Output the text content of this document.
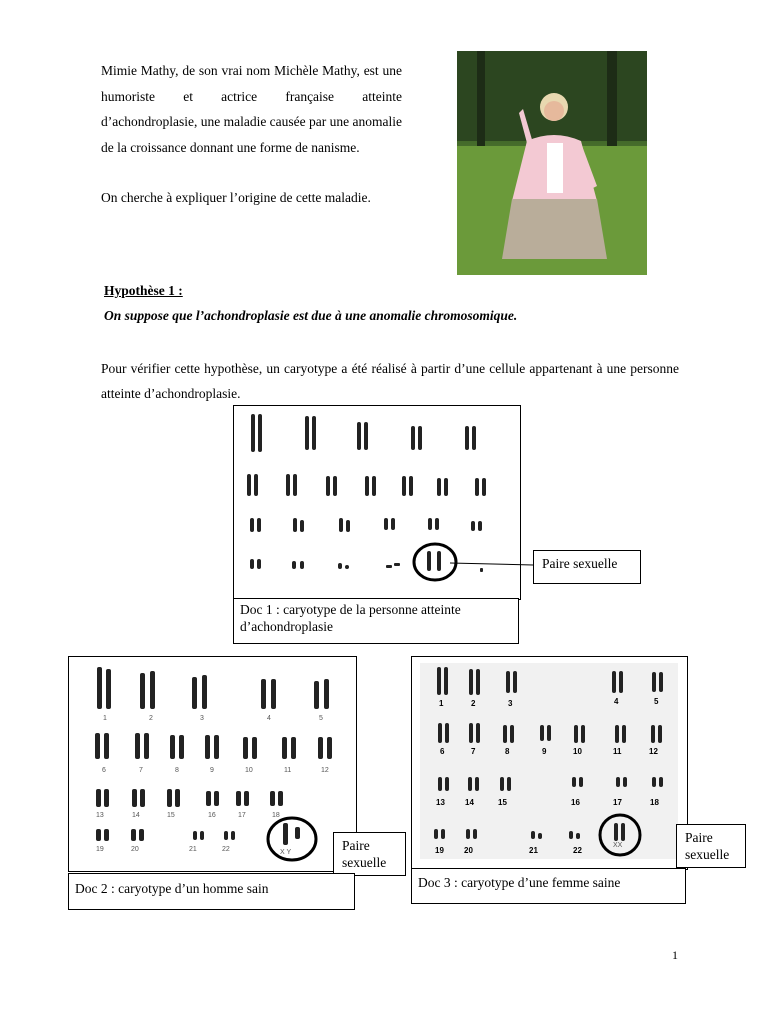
Mimie Mathy, de son vrai nom Michèle Mathy, est une humoriste et actrice française atteinte d’achondroplasie, une maladie causée par une anomalie de la croissance donnant une forme de nanisme.

On cherche à expliquer l’origine de cette maladie.

Hypothèse 1 :
On suppose que l’achondroplasie est due à une anomalie chromosomique.
Pour vérifier cette hypothèse, un caryotype a été réalisé à partir d’une cellule appartenant à une personne atteinte d’achondroplasie.
Paire sexuelle
Doc 1 : caryotype de la personne atteinte d’achondroplasie
1	2	3	4	5
6	7	8	9	10	11	12
13	14	15	16	17	18
19	20	21	22	X Y	Paire sexuelle
Doc 2 : caryotype d’un homme sain
1	2	3	4	5
6	7	8	9	10	11	12
13	14	15	16	17	18
19	20	21	22
XX
Paire sexuelle
Doc 3 : caryotype d’une femme saine
1
